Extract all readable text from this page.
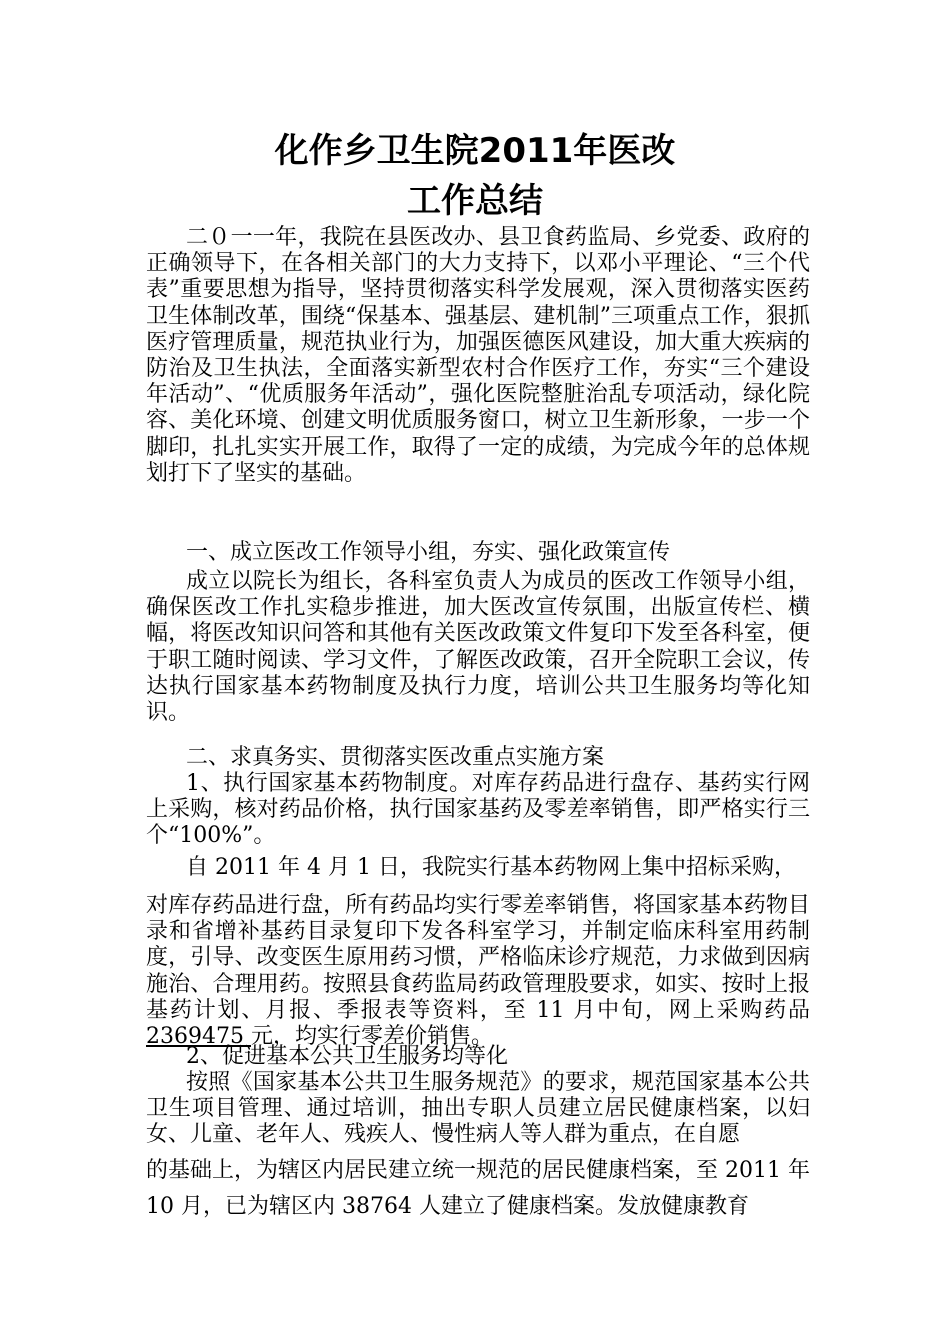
化作乡卫生院2011年医改
工作总结

二０一一年，我院在县医改办、县卫食药监局、乡党委、政府的正确领导下，在各相关部门的大力支持下，以邓小平理论、“三个代表”重要思想为指导，坚持贯彻落实科学发展观，深入贯彻落实医药卫生体制改革，围绕“保基本、强基层、建机制”三项重点工作，狠抓医疗管理质量，规范执业行为，加强医德医风建设，加大重大疾病的防治及卫生执法，全面落实新型农村合作医疗工作，夯实“三个建设年活动”、“优质服务年活动”，强化医院整脏治乱专项活动，绿化院容、美化环境、创建文明优质服务窗口，树立卫生新形象，一步一个脚印，扎扎实实开展工作，取得了一定的成绩，为完成今年的总体规划打下了坚实的基础。

一、成立医改工作领导小组，夯实、强化政策宣传

成立以院长为组长，各科室负责人为成员的医改工作领导小组，确保医改工作扎实稳步推进，加大医改宣传氛围，出版宣传栏、横幅，将医改知识问答和其他有关医改政策文件复印下发至各科室，便于职工随时阅读、学习文件，了解医改政策，召开全院职工会议，传达执行国家基本药物制度及执行力度，培训公共卫生服务均等化知识。

二、求真务实、贯彻落实医改重点实施方案

1、执行国家基本药物制度。对库存药品进行盘存、基药实行网上采购，核对药品价格，执行国家基药及零差率销售，即严格实行三个“100%”。

自 2011 年 4 月 1 日，我院实行基本药物网上集中招标采购，

对库存药品进行盘，所有药品均实行零差率销售，将国家基本药物目录和省增补基药目录复印下发各科室学习，并制定临床科室用药制度，引导、改变医生原用药习惯，严格临床诊疗规范，力求做到因病施治、合理用药。按照县食药监局药政管理股要求，如实、按时上报基药计划、月报、季报表等资料，至 11 月中旬，网上采购药品 2369475 元，均实行零差价销售。

2、促进基本公共卫生服务均等化

按照《国家基本公共卫生服务规范》的要求，规范国家基本公共卫生项目管理、通过培训，抽出专职人员建立居民健康档案，以妇女、儿童、老年人、残疾人、慢性病人等人群为重点，在自愿

的基础上，为辖区内居民建立统一规范的居民健康档案，至 2011 年 10 月，已为辖区内 38764 人建立了健康档案。发放健康教育
